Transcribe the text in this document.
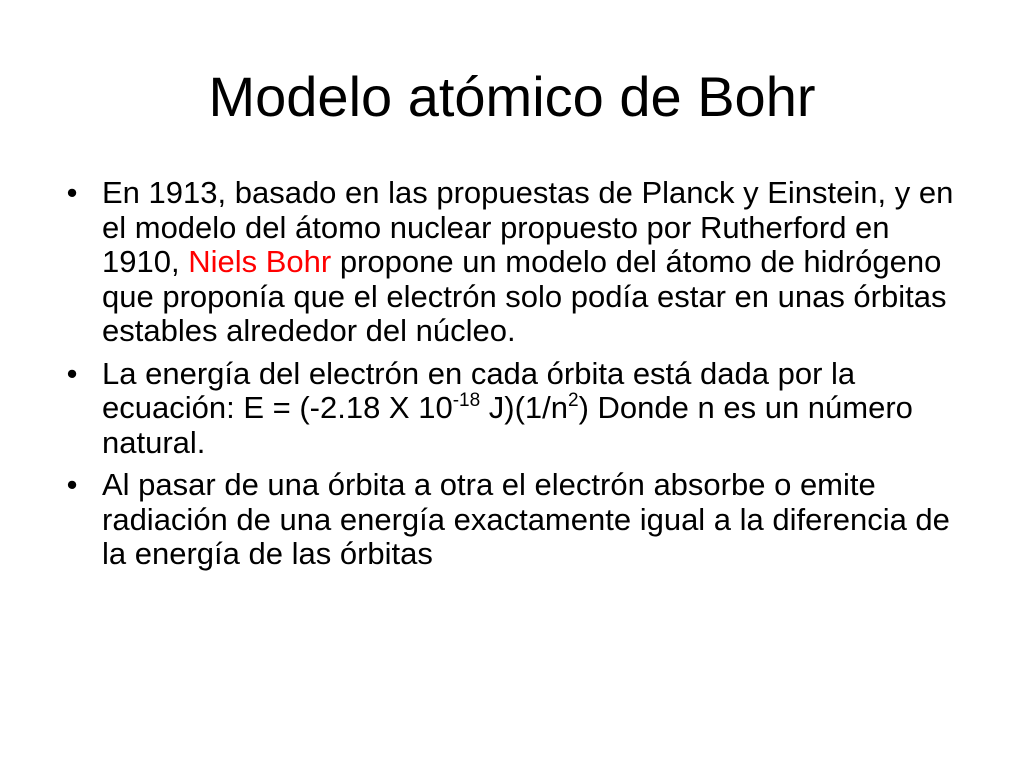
Modelo atómico de Bohr
• En 1913, basado en las propuestas de Planck y Einstein, y en el modelo del átomo nuclear propuesto por Rutherford en 1910, Niels Bohr propone un modelo del átomo de hidrógeno que proponía que el electrón solo podía estar en unas órbitas estables alrededor del núcleo.
• La energía del electrón en cada órbita está dada por la ecuación: E = (-2.18 X $10^{-18}$ $J)(1/n^2)$ Donde n es un número natural.
• Al pasar de una órbita a otra el electrón absorbe o emite radiación de una energía exactamente igual a la diferencia de la energía de las órbitas
